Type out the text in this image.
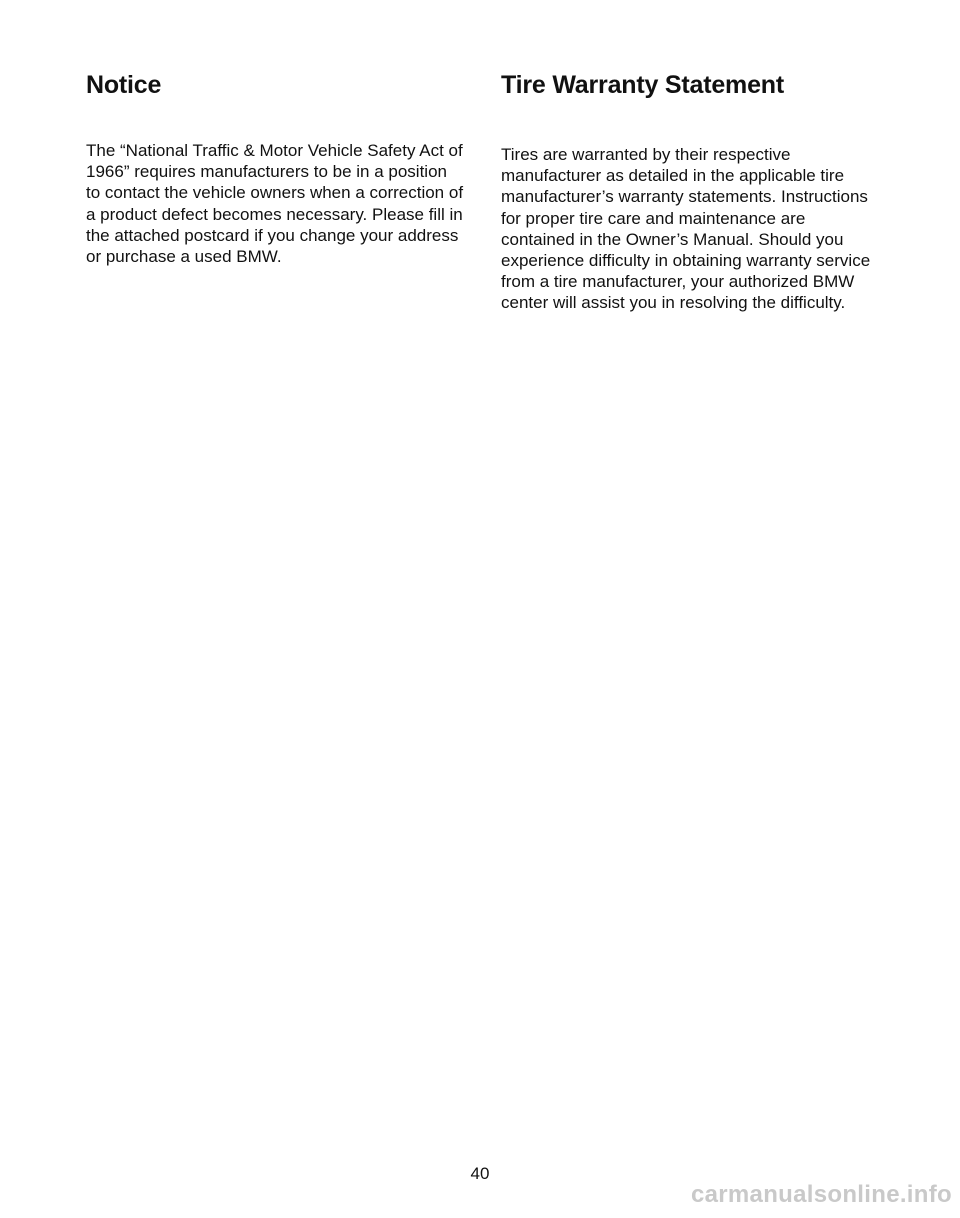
Notice

The “National Traffic & Motor Vehicle Safety Act of 1966” requires manufacturers to be in a position to contact the vehicle owners when a correction of a product defect becomes necessary. Please fill in the attached postcard if you change your address or purchase a used BMW.

Tire Warranty Statement

Tires are warranted by their respective manufacturer as detailed in the applicable tire manufacturer’s warranty statements. Instructions for proper tire care and maintenance are contained in the Owner’s Manual. Should you experience difficulty in obtaining warranty service from a tire manufacturer, your authorized BMW center will assist you in resolving the difficulty.

40
carmanualsonline.info
